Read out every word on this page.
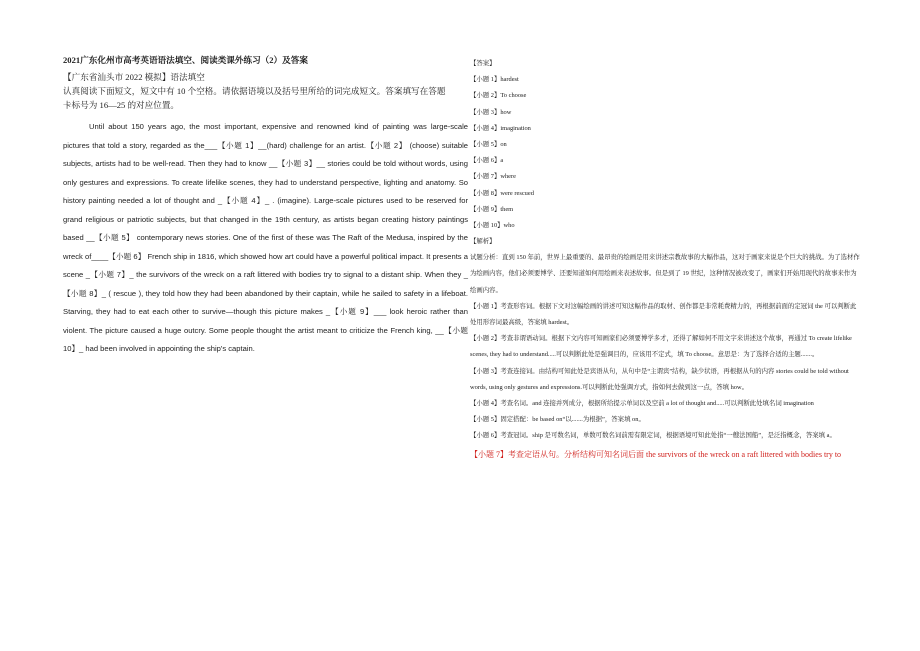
2021广东化州市高考英语语法填空、阅读类课外练习（2）及答案

【广东省汕头市 2022 模拟】语法填空

认真阅读下面短文，短文中有 10 个空格。请依据语境以及括号里所给的词完成短文。答案填写在答题卡标号为 16—25 的对应位置。

Until about 150 years ago, the most important, expensive and renowned kind of painting was large-scale pictures that told a story, regarded as the___【小题 1】__(hard) challenge for an artist.【小题 2】 (choose) suitable subjects, artists had to be well-read. Then they had to know __【小题 3】__ stories could be told without words, using only gestures and expressions. To create lifelike scenes, they had to understand perspective, lighting and anatomy. So history painting needed a lot of thought and _【小题 4】_ . (imagine). Large-scale pictures used to be reserved for grand religious or patriotic subjects, but that changed in the 19th century, as artists began creating history paintings based __【小题 5】 contemporary news stories. One of the first of these was The Raft of the Medusa, inspired by the wreck of____【小题 6】 French ship in 1816, which showed how art could have a powerful political impact. It presents a scene _【小题 7】_ the survivors of the wreck on a raft littered with bodies try to signal to a distant ship. When they _【小题 8】_ ( rescue ), they told how they had been abandoned by their captain, while he sailed to safety in a lifeboat. Starving, they had to eat each other to survive—though this picture makes _【小题 9】___ look heroic rather than violent. The picture caused a huge outcry. Some people thought the artist meant to criticize the French king, __【小题 10】_ had been involved in appointing the ship's captain.

【答案】
【小题 1】hardest
【小题 2】To choose
【小题 3】how
【小题 4】imagination
【小题 5】on
【小题 6】a
【小题 7】where
【小题 8】were rescued
【小题 9】them
【小题 10】who
【解析】

试题分析：直到 150 年前，世界上最重要的、最昂贵的绘画是用来讲述宗教故事的大幅作品，这对于画家来说是个巨大的挑战。为了选材作为绘画内容，他们必须要博学、还要知道如何用绘画来表述故事。但是到了 19 世纪，这种情况被改变了，画家们开始用现代的故事来作为绘画内容。

【小题 1】考查形容词。根据下文对这幅绘画的讲述可知这幅作品的取材、创作都是非常耗费精力的，再根据前面的定冠词 the 可以判断此处用形容词最高级，答案填 hardest。

【小题 2】考查非谓语动词。根据下文内容可知画家们必须要博学多才，还得了解如何不用文字来讲述这个故事，再通过 To create lifelike scenes, they had to understand.....可以判断此处是强调目的，应该用不定式，填 To choose。意思是：为了选择合适的主题.......。

【小题 3】考查连接词。由结构可知此处是宾语从句，从句中是“主谓宾”结构，缺少状语，再根据从句的内容 stories could be told without words, using only gestures and expressions.可以判断此处强调方式，指如何去做到这一点，答填 how。

【小题 4】考查名词。and 连接并列成分，根据所给提示单词以及空前 a lot of thought and.....可以判断此处填名词 imagination

【小题 5】固定搭配：be based on“以.......为根据”，答案填 on。

【小题 6】考查冠词。ship 是可数名词，单数可数名词前需有限定词，根据语境可知此处指“一艘法国船”，是泛指概念，答案填 a。

【小题 7】考查定语从句。分析结构可知名词后面 the survivors of the wreck on a raft littered with bodies try to
